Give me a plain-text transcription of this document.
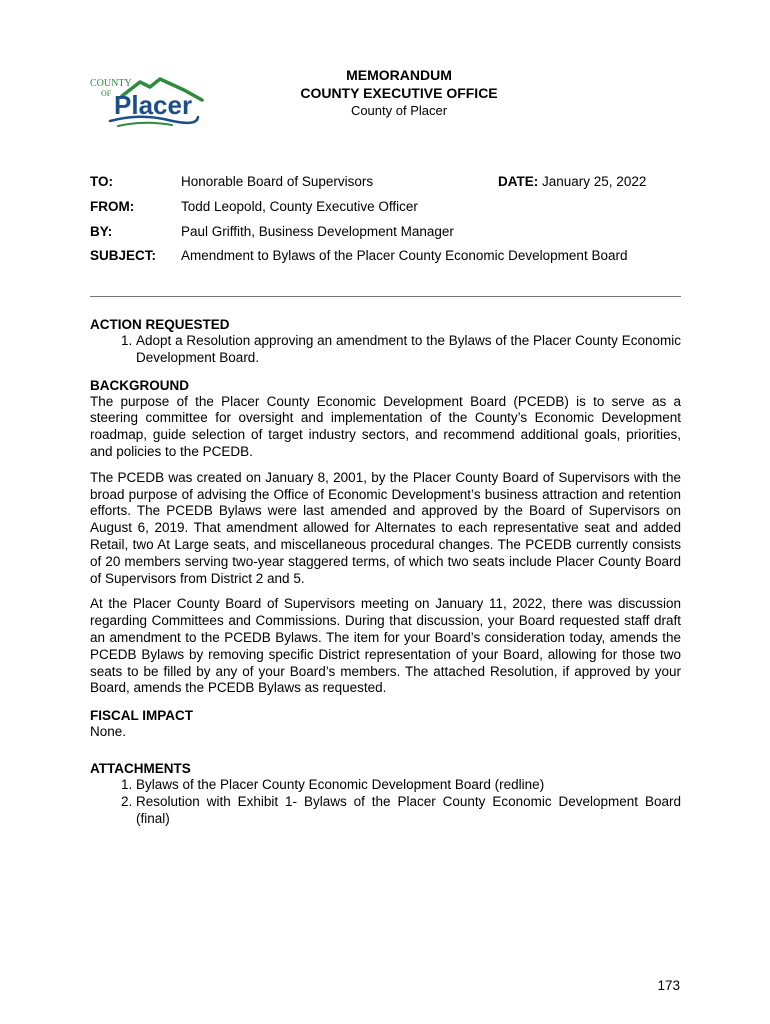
COUNTY
OF Placer
MEMORANDUM
COUNTY EXECUTIVE OFFICE
County of Placer
TO:	Honorable Board of Supervisors	DATE: January 25, 2022
FROM:	Todd Leopold, County Executive Officer
BY:	Paul Griffith, Business Development Manager
SUBJECT: Amendment to Bylaws of the Placer County Economic Development Board
ACTION REQUESTED
1. Adopt a Resolution approving an amendment to the Bylaws of the Placer County Economic Development Board.
BACKGROUND

The purpose of the Placer County Economic Development Board (PCEDB) is to serve as a steering committee for oversight and implementation of the County’s Economic Development roadmap, guide selection of target industry sectors, and recommend additional goals, priorities, and policies to the PCEDB.

The PCEDB was created on January 8, 2001, by the Placer County Board of Supervisors with the broad purpose of advising the Office of Economic Development’s business attraction and retention efforts. The PCEDB Bylaws were last amended and approved by the Board of Supervisors on August 6, 2019. That amendment allowed for Alternates to each representative seat and added Retail, two At Large seats, and miscellaneous procedural changes. The PCEDB currently consists of 20 members serving two-year staggered terms, of which two seats include Placer County Board of Supervisors from District 2 and 5.

At the Placer County Board of Supervisors meeting on January 11, 2022, there was discussion regarding Committees and Commissions. During that discussion, your Board requested staff draft an amendment to the PCEDB Bylaws. The item for your Board’s consideration today, amends the PCEDB Bylaws by removing specific District representation of your Board, allowing for those two seats to be filled by any of your Board’s members. The attached Resolution, if approved by your Board, amends the PCEDB Bylaws as requested.

FISCAL IMPACT

None.

ATTACHMENTS
1. Bylaws of the Placer County Economic Development Board (redline)
2. Resolution with Exhibit 1- Bylaws of the Placer County Economic Development Board (final)
173
